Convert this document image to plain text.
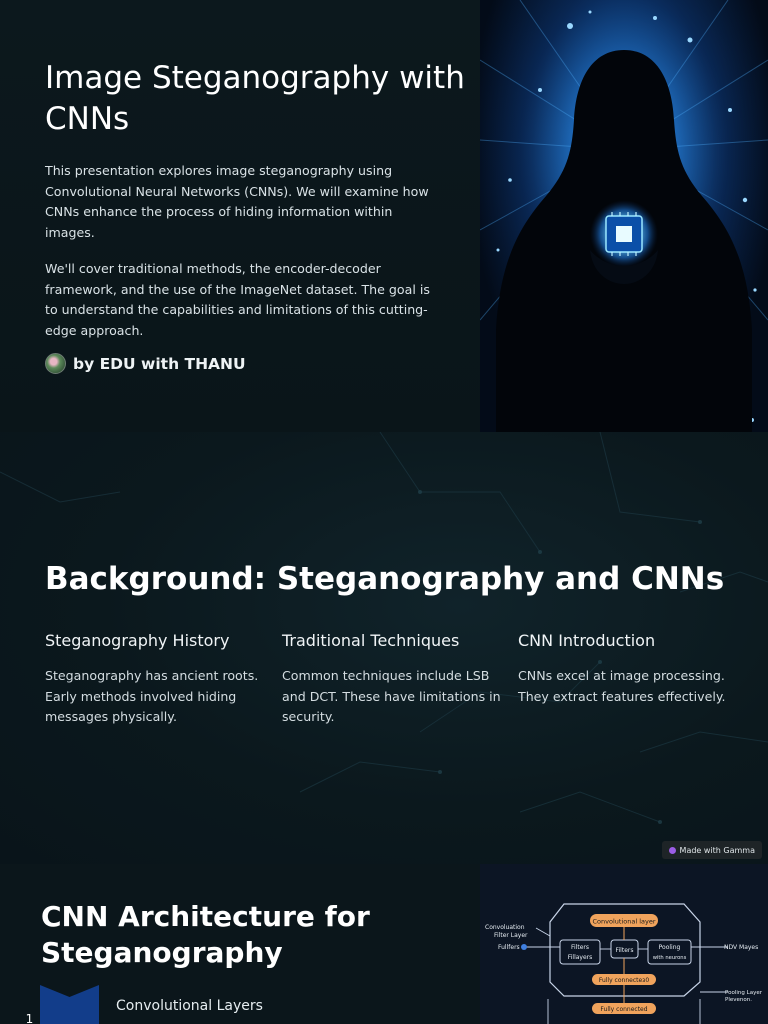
Image Steganography with CNNs

This presentation explores image steganography using Convolutional Neural Networks (CNNs). We will examine how CNNs enhance the process of hiding information within images.

We'll cover traditional methods, the encoder-decoder framework, and the use of the ImageNet dataset. The goal is to understand the capabilities and limitations of this cutting-edge approach.

by EDU with THANU
Background: Steganography and CNNs
Steganography History

Steganography has ancient roots. Early methods involved hiding messages physically.

Traditional Techniques

Common techniques include LSB and DCT. These have limitations in security.

CNN Introduction

CNNs excel at image processing. They extract features effectively.

Made with Gamma
CNN Architecture for Steganography
1
Convolutional Layers
Convolutional layer
Filters
Fillayers
Filters	Pooling
with neurons
Fully connecteз0
Fully connected
Convoluation
Filter Layer
Fullfers	NDV Mayes
Pooling Layer
Plevenon.
